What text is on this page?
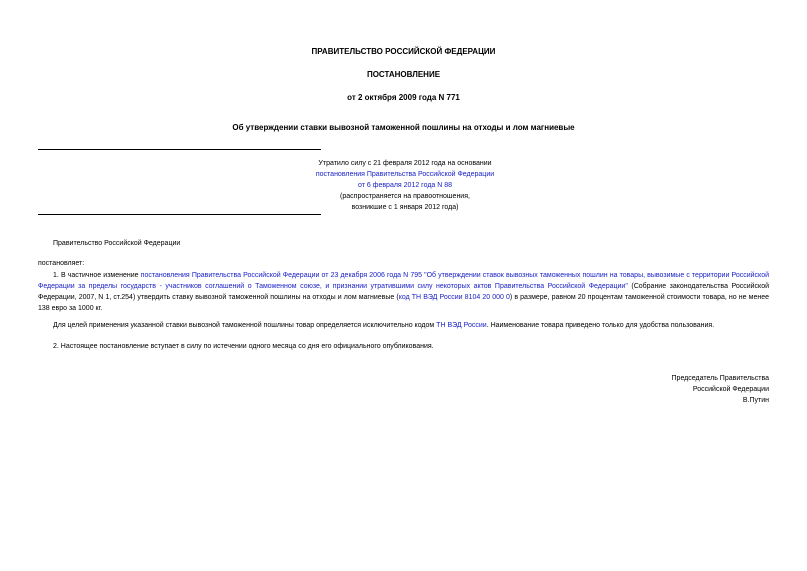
ПРАВИТЕЛЬСТВО РОССИЙСКОЙ ФЕДЕРАЦИИ
ПОСТАНОВЛЕНИЕ
от 2 октября 2009 года N 771
Об утверждении ставки вывозной таможенной пошлины на отходы и лом магниевые
Утратило силу с 21 февраля 2012 года на основании
постановления Правительства Российской Федерации
от 6 февраля 2012 года N 88
(распространяется на правоотношения,
возникшие с 1 января 2012 года)
Правительство Российской Федерации
постановляет:
1. В частичное изменение постановления Правительства Российской Федерации от 23 декабря 2006 года N 795 "Об утверждении ставок вывозных таможенных пошлин на товары, вывозимые с территории Российской Федерации за пределы государств - участников соглашений о Таможенном союзе, и признании утратившими силу некоторых актов Правительства Российской Федерации" (Собрание законодательства Российской Федерации, 2007, N 1, ст.254) утвердить ставку вывозной таможенной пошлины на отходы и лом магниевые (код ТН ВЭД России 8104 20 000 0) в размере, равном 20 процентам таможенной стоимости товара, но не менее 138 евро за 1000 кг.
Для целей применения указанной ставки вывозной таможенной пошлины товар определяется исключительно кодом ТН ВЭД России. Наименование товара приведено только для удобства пользования.
2. Настоящее постановление вступает в силу по истечении одного месяца со дня его официального опубликования.
Председатель Правительства
Российской Федерации
В.Путин
